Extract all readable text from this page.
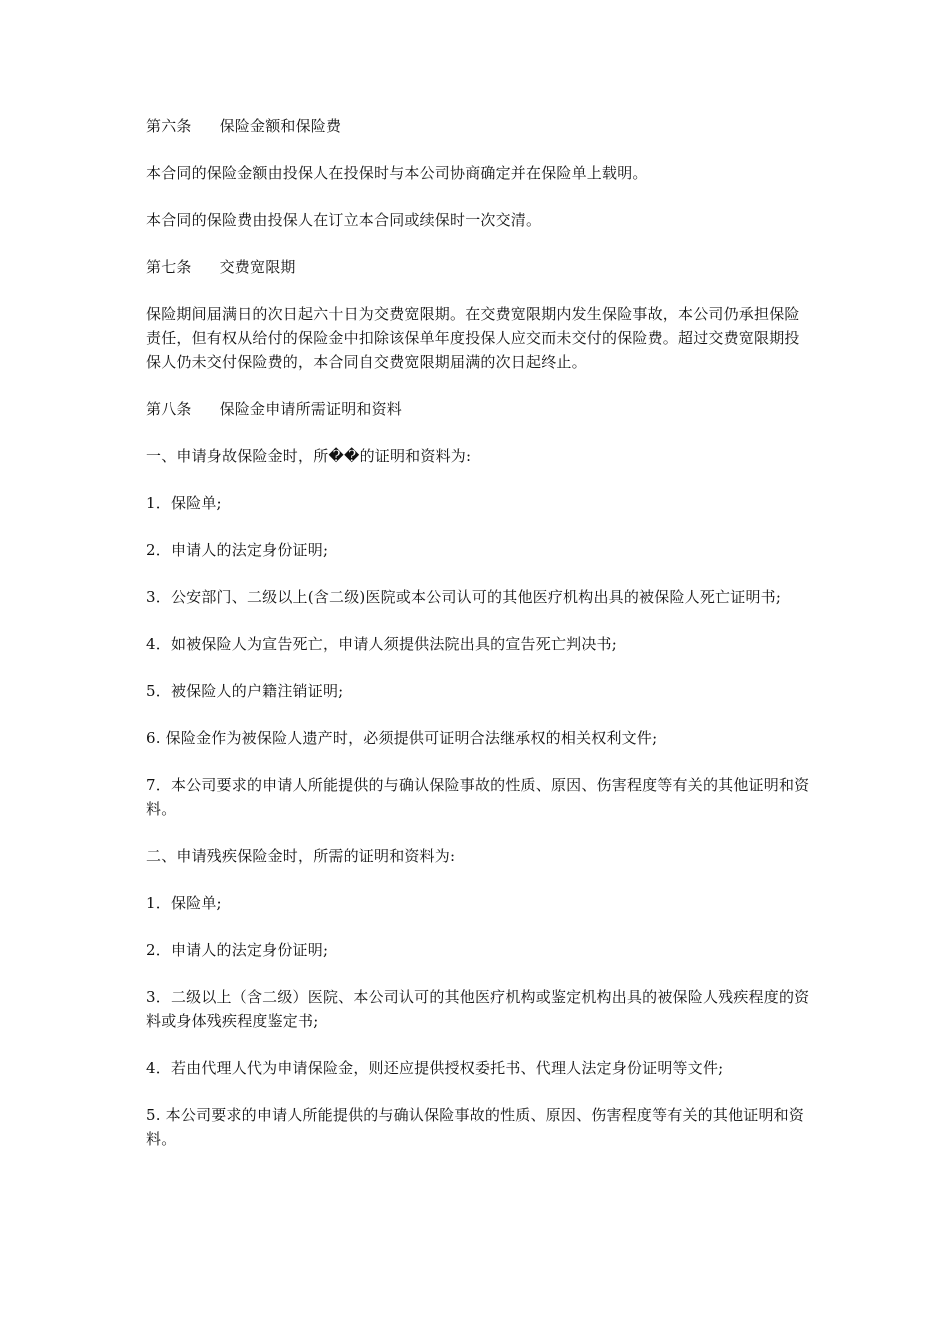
第六条 保险金额和保险费
本合同的保险金额由投保人在投保时与本公司协商确定并在保险单上载明。
本合同的保险费由投保人在订立本合同或续保时一次交清。
第七条 交费宽限期
保险期间届满日的次日起六十日为交费宽限期。在交费宽限期内发生保险事故，本公司仍承担保险责任，但有权从给付的保险金中扣除该保单年度投保人应交而未交付的保险费。超过交费宽限期投保人仍未交付保险费的，本合同自交费宽限期届满的次日起终止。
第八条 保险金申请所需证明和资料
一、申请身故保险金时，所��的证明和资料为:
1．保险单;
2．申请人的法定身份证明;
3．公安部门、二级以上(含二级)医院或本公司认可的其他医疗机构出具的被保险人死亡证明书;
4．如被保险人为宣告死亡，申请人须提供法院出具的宣告死亡判决书;
5．被保险人的户籍注销证明;
6. 保险金作为被保险人遗产时，必须提供可证明合法继承权的相关权利文件;
7．本公司要求的申请人所能提供的与确认保险事故的性质、原因、伤害程度等有关的其他证明和资料。
二、申请残疾保险金时，所需的证明和资料为:
1．保险单;
2．申请人的法定身份证明;
3．二级以上（含二级）医院、本公司认可的其他医疗机构或鉴定机构出具的被保险人残疾程度的资料或身体残疾程度鉴定书;
4．若由代理人代为申请保险金，则还应提供授权委托书、代理人法定身份证明等文件;
5. 本公司要求的申请人所能提供的与确认保险事故的性质、原因、伤害程度等有关的其他证明和资料。
